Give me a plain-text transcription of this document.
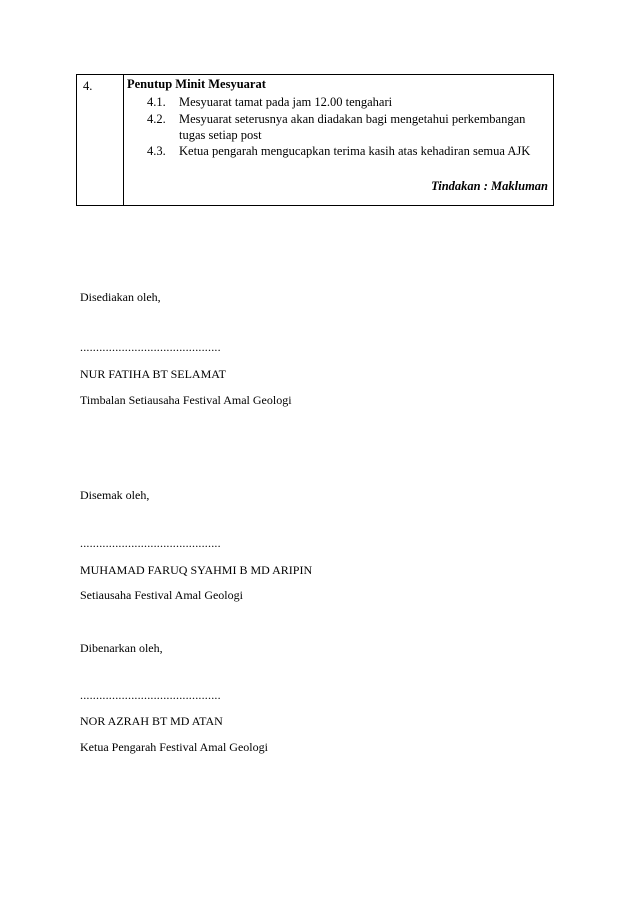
4.	Penutup Minit Mesyuarat
4.1. Mesyuarat tamat pada jam 12.00 tengahari
4.2. Mesyuarat seterusnya akan diadakan bagi mengetahui perkembangan
tugas setiap post
4.3. Ketua pengarah mengucapkan terima kasih atas kehadiran semua AJK
Tindakan : Makluman
Disediakan oleh,
............................................
NUR FATIHA BT SELAMAT
Timbalan Setiausaha Festival Amal Geologi
Disemak oleh,
............................................
MUHAMAD FARUQ SYAHMI B MD ARIPIN
Setiausaha Festival Amal Geologi
Dibenarkan oleh,
............................................
NOR AZRAH BT MD ATAN
Ketua Pengarah Festival Amal Geologi
